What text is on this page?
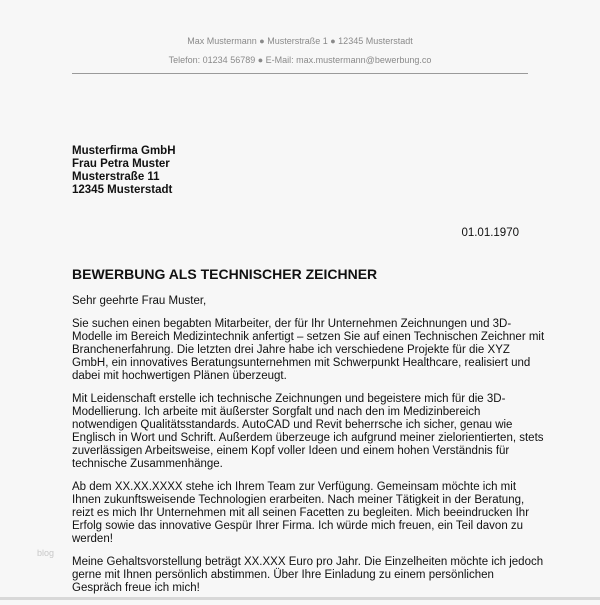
Max Mustermann ● Musterstraße 1 ● 12345 Musterstadt
Telefon: 01234 56789 ● E-Mail: max.mustermann@bewerbung.co
Musterfirma GmbH
Frau Petra Muster
Musterstraße 11
12345 Musterstadt
01.01.1970
BEWERBUNG ALS TECHNISCHER ZEICHNER

Sehr geehrte Frau Muster,

Sie suchen einen begabten Mitarbeiter, der für Ihr Unternehmen Zeichnungen und 3D-
Modelle im Bereich Medizintechnik anfertigt – setzen Sie auf einen Technischen Zeichner mit
Branchenerfahrung. Die letzten drei Jahre habe ich verschiedene Projekte für die XYZ
GmbH, ein innovatives Beratungsunternehmen mit Schwerpunkt Healthcare, realisiert und
dabei mit hochwertigen Plänen überzeugt.

Mit Leidenschaft erstelle ich technische Zeichnungen und begeistere mich für die 3D-
Modellierung. Ich arbeite mit äußerster Sorgfalt und nach den im Medizinbereich
notwendigen Qualitätsstandards. AutoCAD und Revit beherrsche ich sicher, genau wie
Englisch in Wort und Schrift. Außerdem überzeuge ich aufgrund meiner zielorientierten, stets
zuverlässigen Arbeitsweise, einem Kopf voller Ideen und einem hohen Verständnis für
technische Zusammenhänge.

Ab dem XX.XX.XXXX stehe ich Ihrem Team zur Verfügung. Gemeinsam möchte ich mit
Ihnen zukunftsweisende Technologien erarbeiten. Nach meiner Tätigkeit in der Beratung,
reizt es mich Ihr Unternehmen mit all seinen Facetten zu begleiten. Mich beeindrucken Ihr
Erfolg sowie das innovative Gespür Ihrer Firma. Ich würde mich freuen, ein Teil davon zu
werden!

Meine Gehaltsvorstellung beträgt XX.XXX Euro pro Jahr. Die Einzelheiten möchte ich jedoch
gerne mit Ihnen persönlich abstimmen. Über Ihre Einladung zu einem persönlichen
Gespräch freue ich mich!

blog
